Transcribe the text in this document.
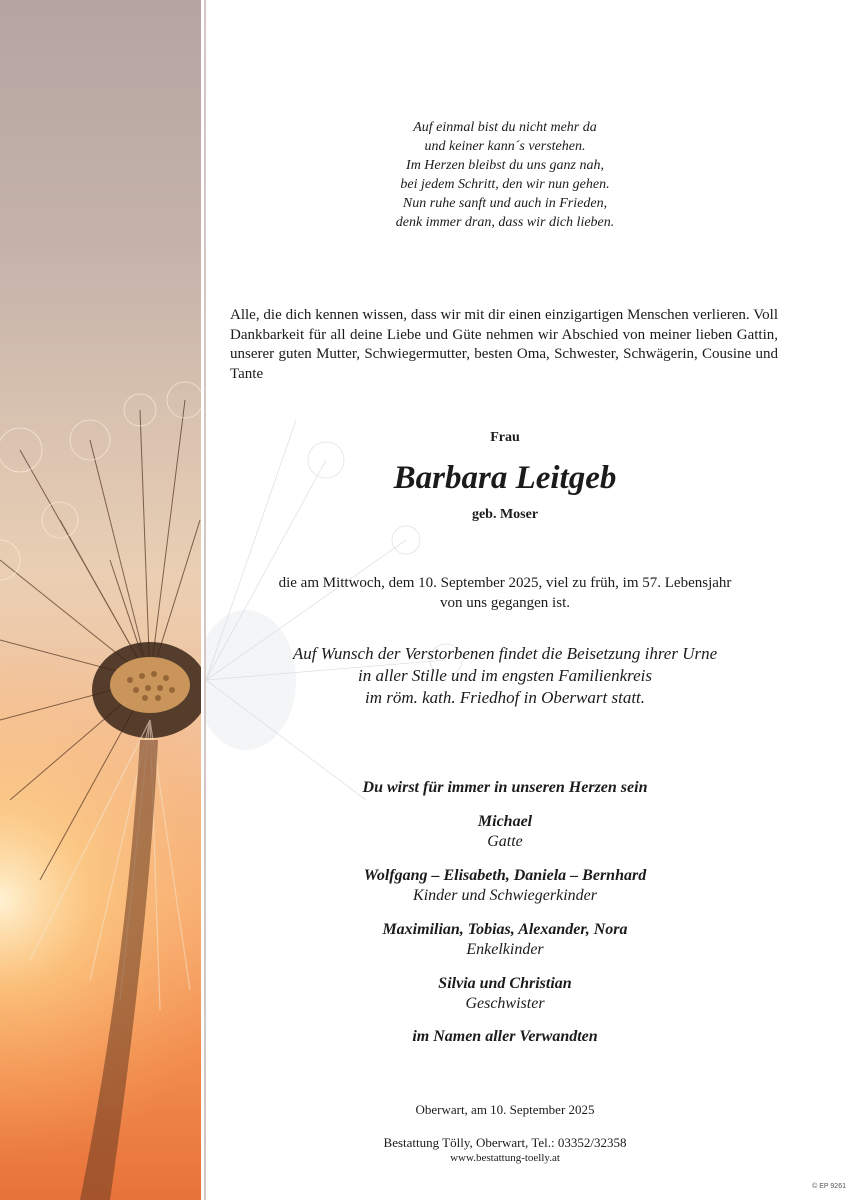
Auf einmal bist du nicht mehr da
und keiner kann´s verstehen.
Im Herzen bleibst du uns ganz nah,
bei jedem Schritt, den wir nun gehen.
Nun ruhe sanft und auch in Frieden,
denk immer dran, dass wir dich lieben.
Alle, die dich kennen wissen, dass wir mit dir einen einzigartigen Menschen verlieren. Voll Dankbarkeit für all deine Liebe und Güte nehmen wir Abschied von meiner lieben Gattin, unserer guten Mutter, Schwiegermutter, besten Oma, Schwester, Schwägerin, Cousine und Tante
Frau
Barbara Leitgeb
geb. Moser
die am Mittwoch, dem 10. September 2025, viel zu früh, im 57. Lebensjahr
von uns gegangen ist.
Auf Wunsch der Verstorbenen findet die Beisetzung ihrer Urne
in aller Stille und im engsten Familienkreis
im röm. kath. Friedhof in Oberwart statt.
Du wirst für immer in unseren Herzen sein
Michael
Gatte
Wolfgang – Elisabeth, Daniela – Bernhard
Kinder und Schwiegerkinder
Maximilian, Tobias, Alexander, Nora
Enkelkinder
Silvia und Christian
Geschwister
im Namen aller Verwandten
Oberwart, am 10. September 2025
Bestattung Tölly, Oberwart, Tel.: 03352/32358
www.bestattung-toelly.at
© EP 9261
